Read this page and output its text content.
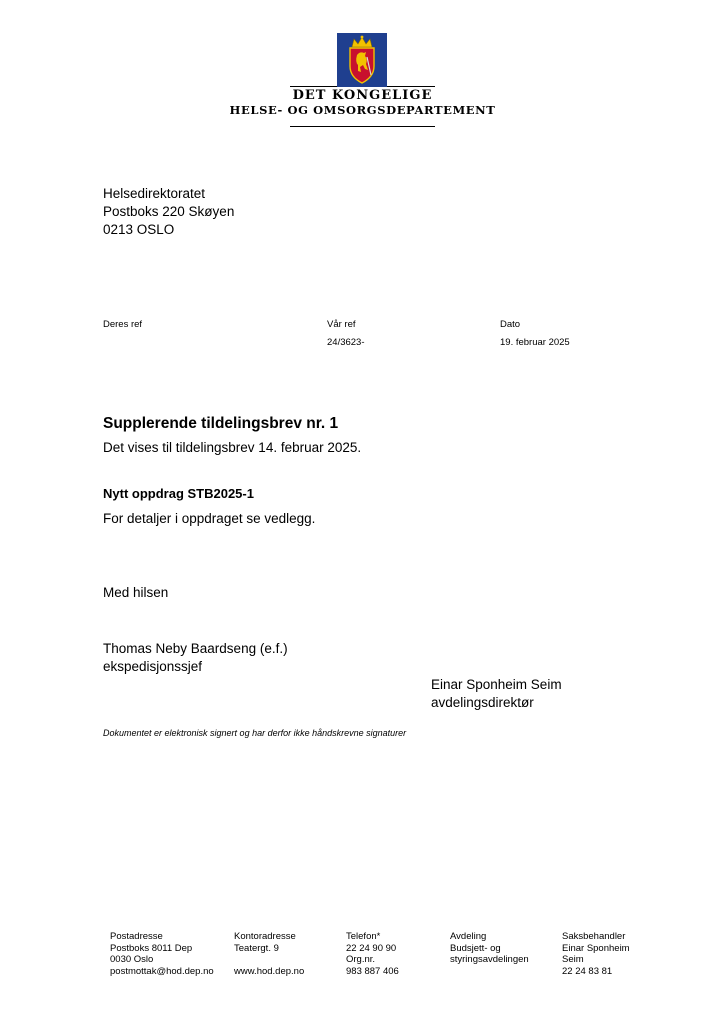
DET KONGELIGE
HELSE- OG OMSORGSDEPARTEMENT
Helsedirektoratet
Postboks 220 Skøyen
0213 OSLO
Deres ref	Vår ref
24/3623-
Dato
19. februar 2025
Supplerende tildelingsbrev nr. 1
Det vises til tildelingsbrev 14. februar 2025.
Nytt oppdrag STB2025-1
For detaljer i oppdraget se vedlegg.
Med hilsen
Thomas Neby Baardseng (e.f.)
ekspedisjonssjef
Einar Sponheim Seim
avdelingsdirektør
Dokumentet er elektronisk signert og har derfor ikke håndskrevne signaturer
Postadresse
Postboks 8011 Dep
0030 Oslo
postmottak@hod.dep.no
Kontoradresse
Teatergt. 9

www.hod.dep.no
Telefon*
22 24 90 90
Org.nr.
983 887 406
Avdeling
Budsjett- og
styringsavdelingen

Saksbehandler
Einar Sponheim
Seim
22 24 83 81
